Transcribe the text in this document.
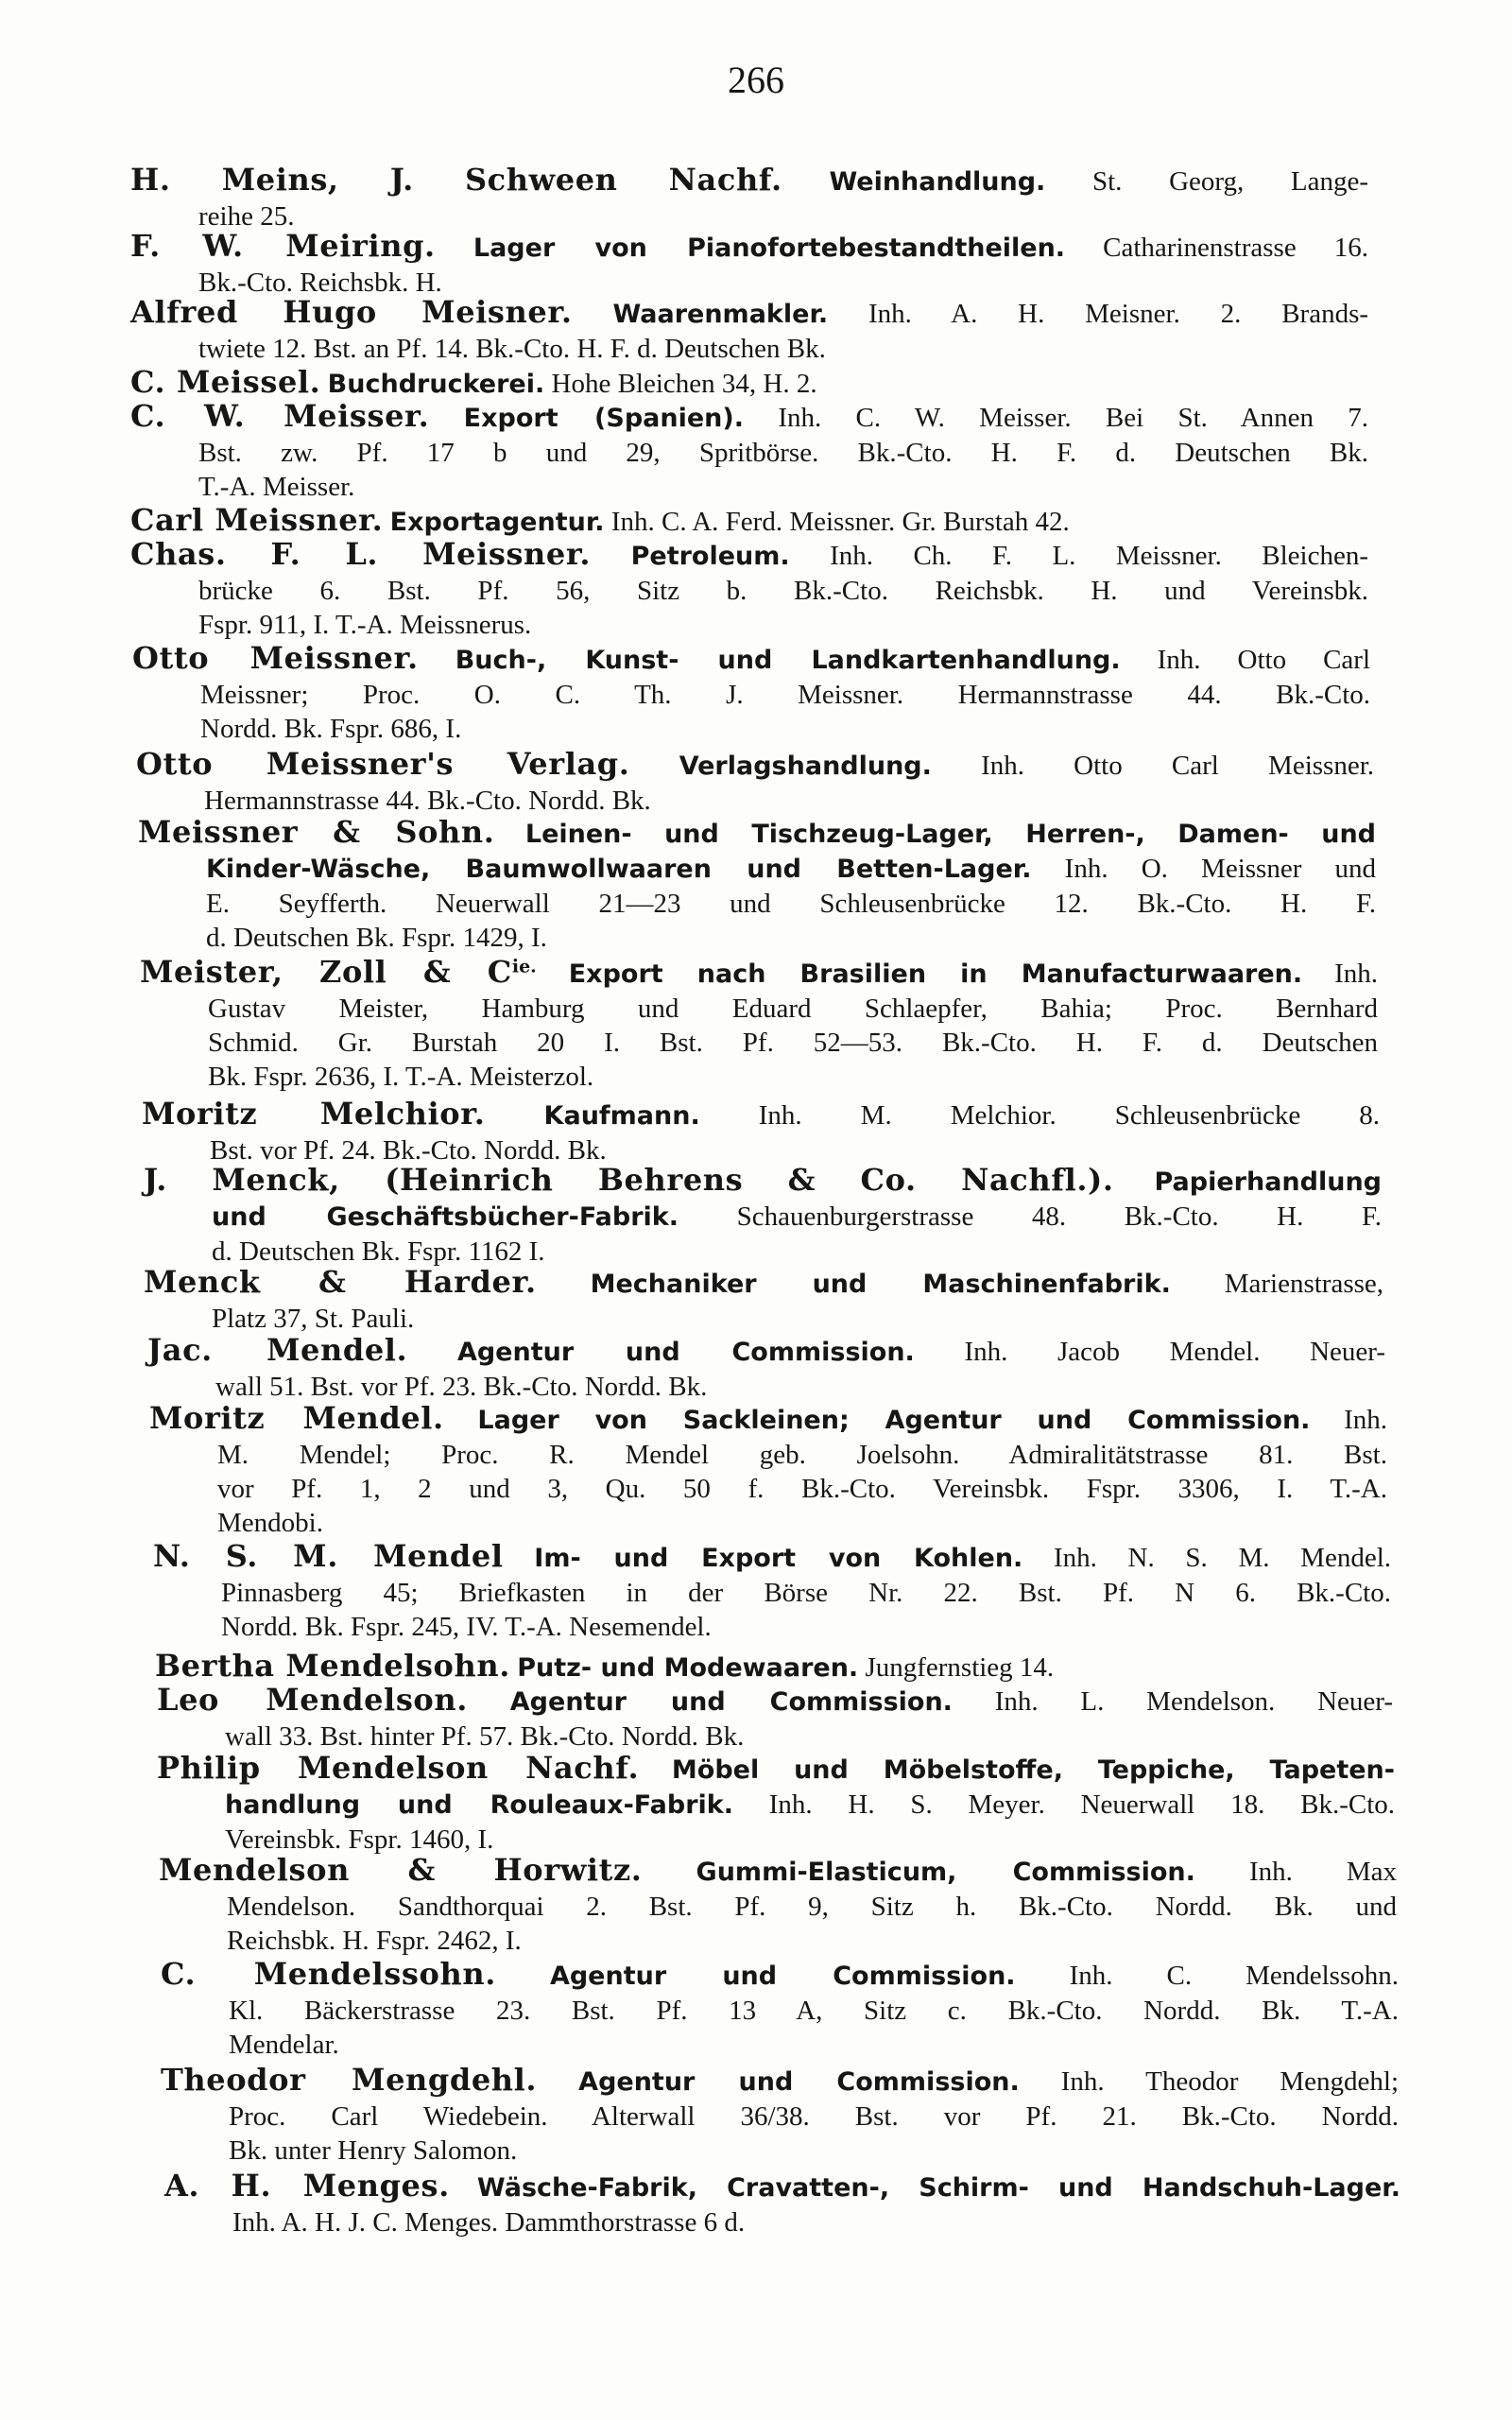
266
H. Meins, J. Schween Nachf. Weinhandlung. St. Georg, Lange-
reihe 25.
F. W. Meiring. Lager von Pianofortebestandtheilen. Catharinenstrasse 16.
Bk.-Cto. Reichsbk. H.
Alfred Hugo Meisner. Waarenmakler. Inh. A. H. Meisner. 2. Brands-
twiete 12. Bst. an Pf. 14. Bk.-Cto. H. F. d. Deutschen Bk.
C. Meissel. Buchdruckerei. Hohe Bleichen 34, H. 2.
C. W. Meisser. Export (Spanien). Inh. C. W. Meisser. Bei St. Annen 7.
Bst. zw. Pf. 17 b und 29, Spritbörse. Bk.-Cto. H. F. d. Deutschen Bk.
T.-A. Meisser.
Carl Meissner. Exportagentur. Inh. C. A. Ferd. Meissner. Gr. Burstah 42.
Chas. F. L. Meissner. Petroleum. Inh. Ch. F. L. Meissner. Bleichen-
brücke 6. Bst. Pf. 56, Sitz b. Bk.-Cto. Reichsbk. H. und Vereinsbk.
Fspr. 911, I. T.-A. Meissnerus.
Otto Meissner. Buch-, Kunst- und Landkartenhandlung. Inh. Otto Carl
Meissner; Proc. O. C. Th. J. Meissner. Hermannstrasse 44. Bk.-Cto.
Nordd. Bk. Fspr. 686, I.
Otto Meissner's Verlag. Verlagshandlung. Inh. Otto Carl Meissner.
Hermannstrasse 44. Bk.-Cto. Nordd. Bk.
Meissner & Sohn. Leinen- und Tischzeug-Lager, Herren-, Damen- und
Kinder-Wäsche, Baumwollwaaren und Betten-Lager. Inh. O. Meissner und
E. Seyfferth. Neuerwall 21—23 und Schleusenbrücke 12. Bk.-Cto. H. F.
d. Deutschen Bk. Fspr. 1429, I.
Meister, Zoll & $C^{ie.}$ Export nach Brasilien in Manufacturwaaren. Inh.
Gustav Meister, Hamburg und Eduard Schlaepfer, Bahia; Proc. Bernhard
Schmid. Gr. Burstah 20 I. Bst. Pf. 52—53. Bk.-Cto. H. F. d. Deutschen
Bk. Fspr. 2636, I. T.-A. Meisterzol.
Moritz Melchior. Kaufmann. Inh. M. Melchior. Schleusenbrücke 8.
Bst. vor Pf. 24. Bk.-Cto. Nordd. Bk.
J. Menck, (Heinrich Behrens & Co. Nachfl.). Papierhandlung
und Geschäftsbücher-Fabrik. Schauenburgerstrasse 48. Bk.-Cto. H. F.
d. Deutschen Bk. Fspr. 1162 I.
Menck & Harder. Mechaniker und Maschinenfabrik. Marienstrasse,
Platz 37, St. Pauli.
Jac. Mendel. Agentur und Commission. Inh. Jacob Mendel. Neuer-
wall 51. Bst. vor Pf. 23. Bk.-Cto. Nordd. Bk.
Moritz Mendel. Lager von Sackleinen; Agentur und Commission. Inh.
M. Mendel; Proc. R. Mendel geb. Joelsohn. Admiralitätstrasse 81. Bst.
vor Pf. 1, 2 und 3, Qu. 50 f. Bk.-Cto. Vereinsbk. Fspr. 3306, I. T.-A.
Mendobi.
N. S. M. Mendel Im- und Export von Kohlen. Inh. N. S. M. Mendel.
Pinnasberg 45; Briefkasten in der Börse Nr. 22. Bst. Pf. N 6. Bk.-Cto.
Nordd. Bk. Fspr. 245, IV. T.-A. Nesemendel.
Bertha Mendelsohn. Putz- und Modewaaren. Jungfernstieg 14.
Leo Mendelson. Agentur und Commission. Inh. L. Mendelson. Neuer-
wall 33. Bst. hinter Pf. 57. Bk.-Cto. Nordd. Bk.
Philip Mendelson Nachf. Möbel und Möbelstoffe, Teppiche, Tapeten-
handlung und Rouleaux-Fabrik. Inh. H. S. Meyer. Neuerwall 18. Bk.-Cto.
Vereinsbk. Fspr. 1460, I.
Mendelson & Horwitz. Gummi-Elasticum, Commission. Inh. Max
Mendelson. Sandthorquai 2. Bst. Pf. 9, Sitz h. Bk.-Cto. Nordd. Bk. und
Reichsbk. H. Fspr. 2462, I.
C. Mendelssohn. Agentur und Commission. Inh. C. Mendelssohn.
Kl. Bäckerstrasse 23. Bst. Pf. 13 A, Sitz c. Bk.-Cto. Nordd. Bk. T.-A.
Mendelar.
Theodor Mengdehl. Agentur und Commission. Inh. Theodor Mengdehl;
Proc. Carl Wiedebein. Alterwall 36/38. Bst. vor Pf. 21. Bk.-Cto. Nordd.
Bk. unter Henry Salomon.
A. H. Menges. Wäsche-Fabrik, Cravatten-, Schirm- und Handschuh-Lager.
Inh. A. H. J. C. Menges. Dammthorstrasse 6 d.
